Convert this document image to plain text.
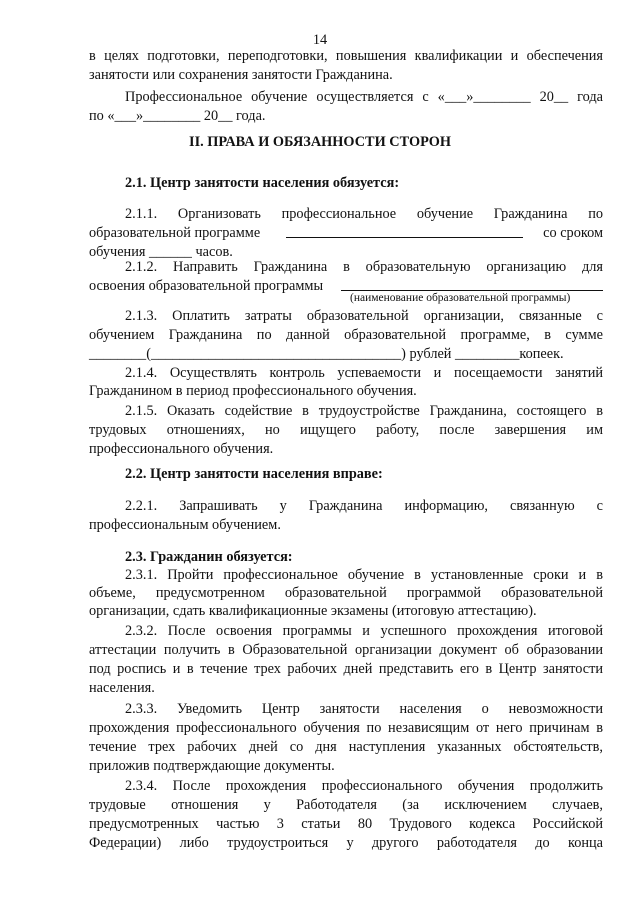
14
в целях подготовки, переподготовки, повышения квалификации и обеспечения
занятости или сохранения занятости Гражданина.
Профессиональное обучение осуществляется с «___»________ 20__ года
по «___»________ 20__ года.
II. ПРАВА И ОБЯЗАННОСТИ СТОРОН
2.1. Центр занятости населения обязуется:
2.1.1. Организовать профессиональное обучение Гражданина по
образовательной программе	со сроком
обучения ______ часов.
2.1.2. Направить Гражданина в образовательную организацию для
освоения образовательной программы
(наименование образовательной программы)
2.1.3. Оплатить затраты образовательной организации, связанные с
обучением Гражданина по данной образовательной программе, в сумме
________(___________________________________) рублей _________копеек.
2.1.4. Осуществлять контроль успеваемости и посещаемости занятий
Гражданином в период профессионального обучения.
2.1.5. Оказать содействие в трудоустройстве Гражданина, состоящего в
трудовых отношениях, но ищущего работу, после завершения им
профессионального обучения.
2.2. Центр занятости населения вправе:
2.2.1. Запрашивать у Гражданина информацию, связанную с
профессиональным обучением.
2.3. Гражданин обязуется:
2.3.1. Пройти профессиональное обучение в установленные сроки и в
объеме, предусмотренном образовательной программой образовательной
организации, сдать квалификационные экзамены (итоговую аттестацию).
2.3.2. После освоения программы и успешного прохождения итоговой
аттестации получить в Образовательной организации документ об образовании
под роспись и в течение трех рабочих дней представить его в Центр занятости
населения.
2.3.3. Уведомить Центр занятости населения о невозможности
прохождения профессионального обучения по независящим от него причинам в
течение трех рабочих дней со дня наступления указанных обстоятельств,
приложив подтверждающие документы.
2.3.4. После прохождения профессионального обучения продолжить
трудовые отношения у Работодателя (за исключением случаев,
предусмотренных частью 3 статьи 80 Трудового кодекса Российской
Федерации) либо трудоустроиться у другого работодателя до конца
